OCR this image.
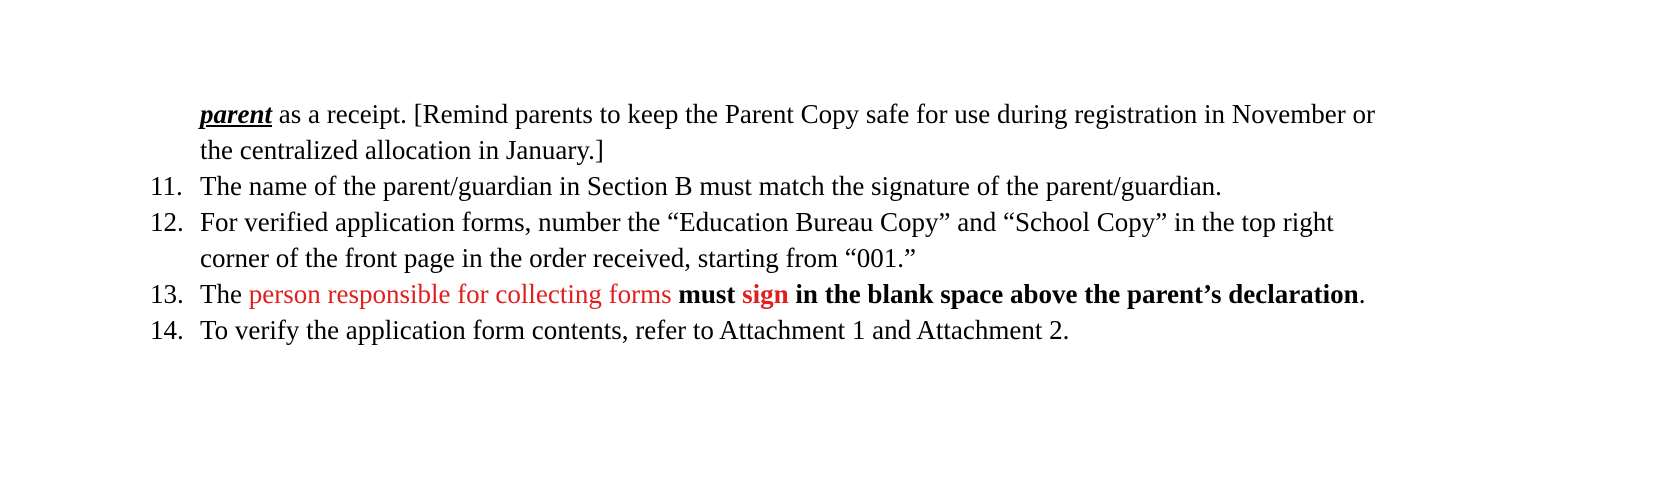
parent as a receipt. [Remind parents to keep the Parent Copy safe for use during registration in November or
the centralized allocation in January.]
11. The name of the parent/guardian in Section B must match the signature of the parent/guardian.
12. For verified application forms, number the “Education Bureau Copy” and “School Copy” in the top right
corner of the front page in the order received, starting from “001.”
13. The person responsible for collecting forms must sign in the blank space above the parent’s declaration.
14. To verify the application form contents, refer to Attachment 1 and Attachment 2.
